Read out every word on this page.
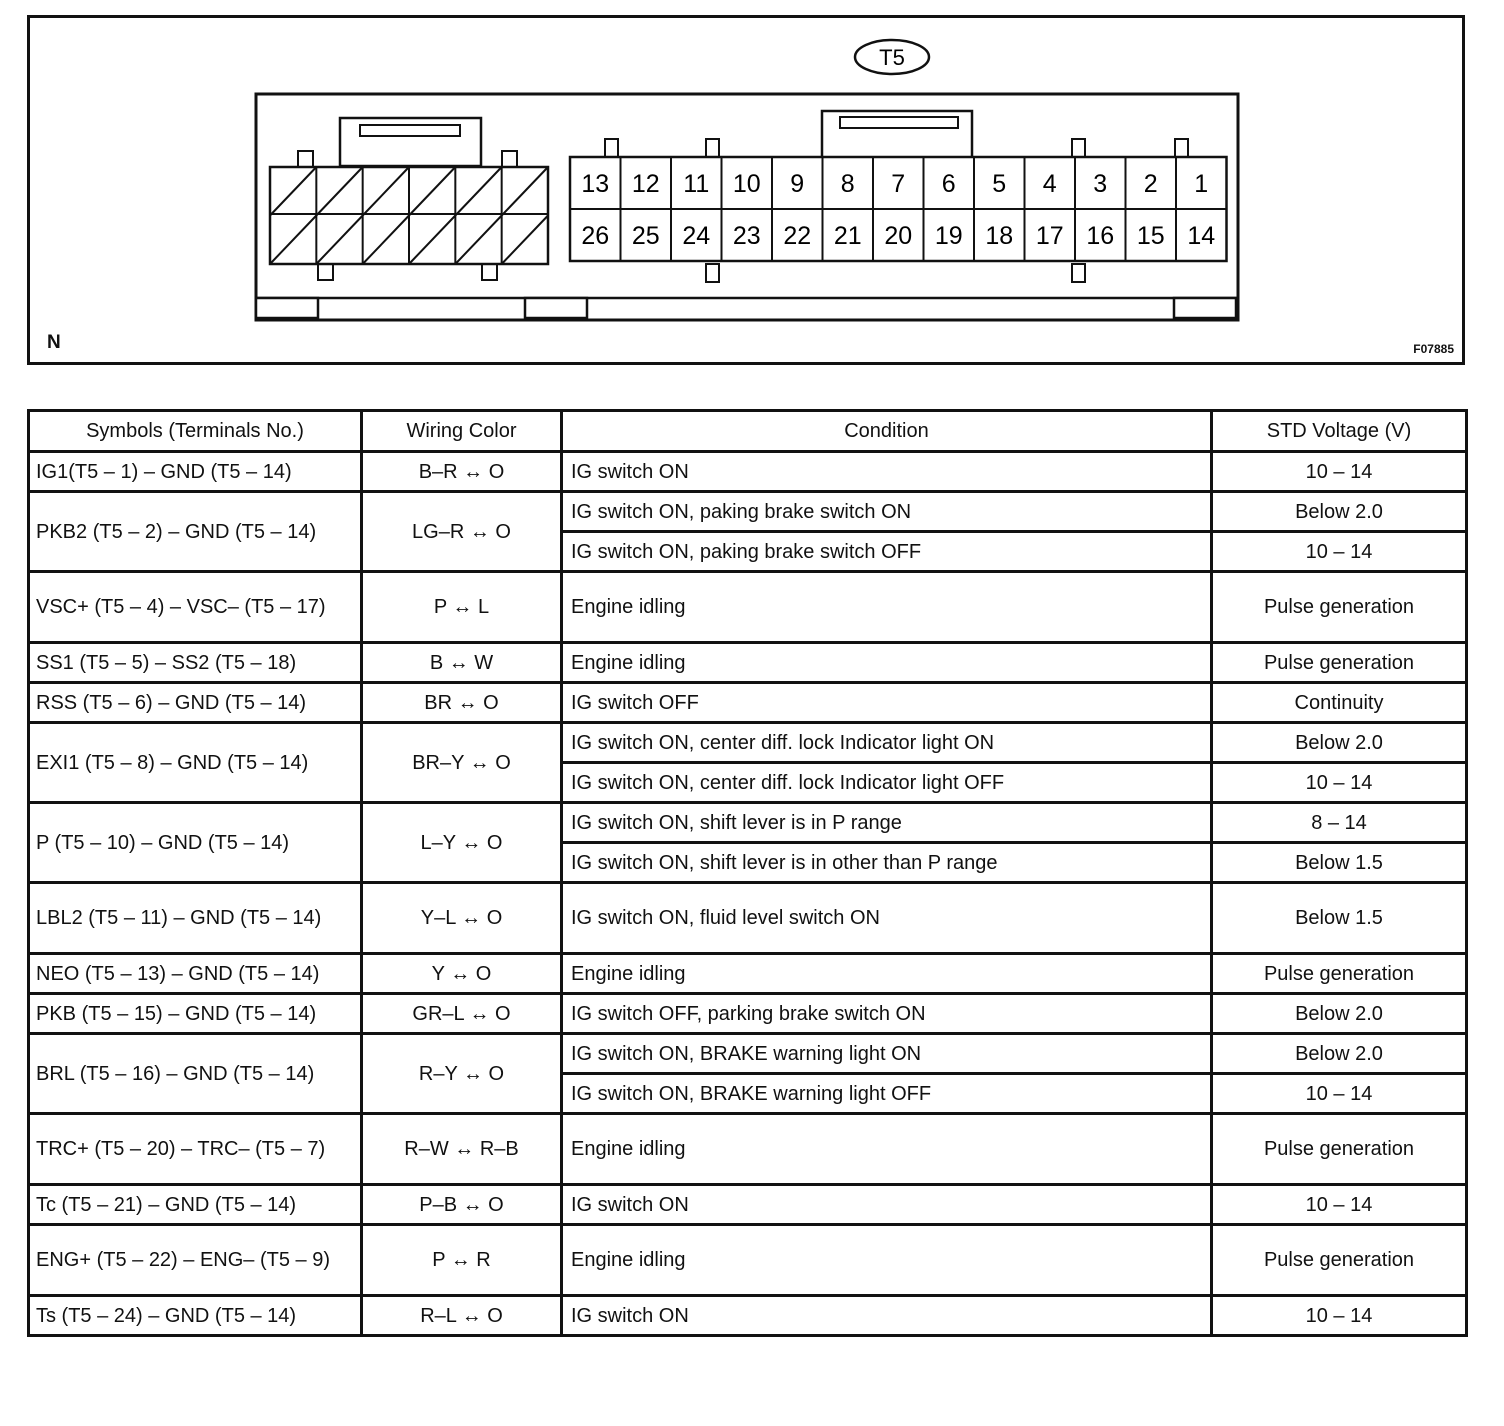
T5
13
26
12
25
11
24
10
23
9
22
8
21
7
20
6
19
5
18
4
17
3
16
2
15
1
14
N	F07885
Symbols (Terminals No.)	Wiring Color	Condition	STD Voltage (V)
IG1(T5 – 1) – GND (T5 – 14)	B–R ↔ O	IG switch ON	10 – 14
PKB2 (T5 – 2) – GND (T5 – 14)	LG–R ↔ O	IG switch ON, paking brake switch ON	Below 2.0
		IG switch ON, paking brake switch OFF	10 – 14
VSC+ (T5 – 4) – VSC– (T5 – 17)	P ↔ L	Engine idling	Pulse generation
SS1 (T5 – 5) – SS2 (T5 – 18)	B ↔ W	Engine idling	Pulse generation
RSS (T5 – 6) – GND (T5 – 14)	BR ↔ O	IG switch OFF	Continuity
EXI1 (T5 – 8) – GND (T5 – 14)	BR–Y ↔ O	IG switch ON, center diff. lock Indicator light ON	Below 2.0
		IG switch ON, center diff. lock Indicator light OFF	10 – 14
P (T5 – 10) – GND (T5 – 14)	L–Y ↔ O	IG switch ON, shift lever is in P range	8 – 14
		IG switch ON, shift lever is in other than P range	Below 1.5
LBL2 (T5 – 11) – GND (T5 – 14)	Y–L ↔ O	IG switch ON, fluid level switch ON	Below 1.5
NEO (T5 – 13) – GND (T5 – 14)	Y ↔ O	Engine idling	Pulse generation
PKB (T5 – 15) – GND (T5 – 14)	GR–L ↔ O	IG switch OFF, parking brake switch ON	Below 2.0
BRL (T5 – 16) – GND (T5 – 14)	R–Y ↔ O	IG switch ON, BRAKE warning light ON	Below 2.0
		IG switch ON, BRAKE warning light OFF	10 – 14
TRC+ (T5 – 20) – TRC– (T5 – 7)	R–W ↔ R–B	Engine idling	Pulse generation
Tc (T5 – 21) – GND (T5 – 14)	P–B ↔ O	IG switch ON	10 – 14
ENG+ (T5 – 22) – ENG– (T5 – 9)	P ↔ R	Engine idling	Pulse generation
Ts (T5 – 24) – GND (T5 – 14)	R–L ↔ O	IG switch ON	10 – 14
